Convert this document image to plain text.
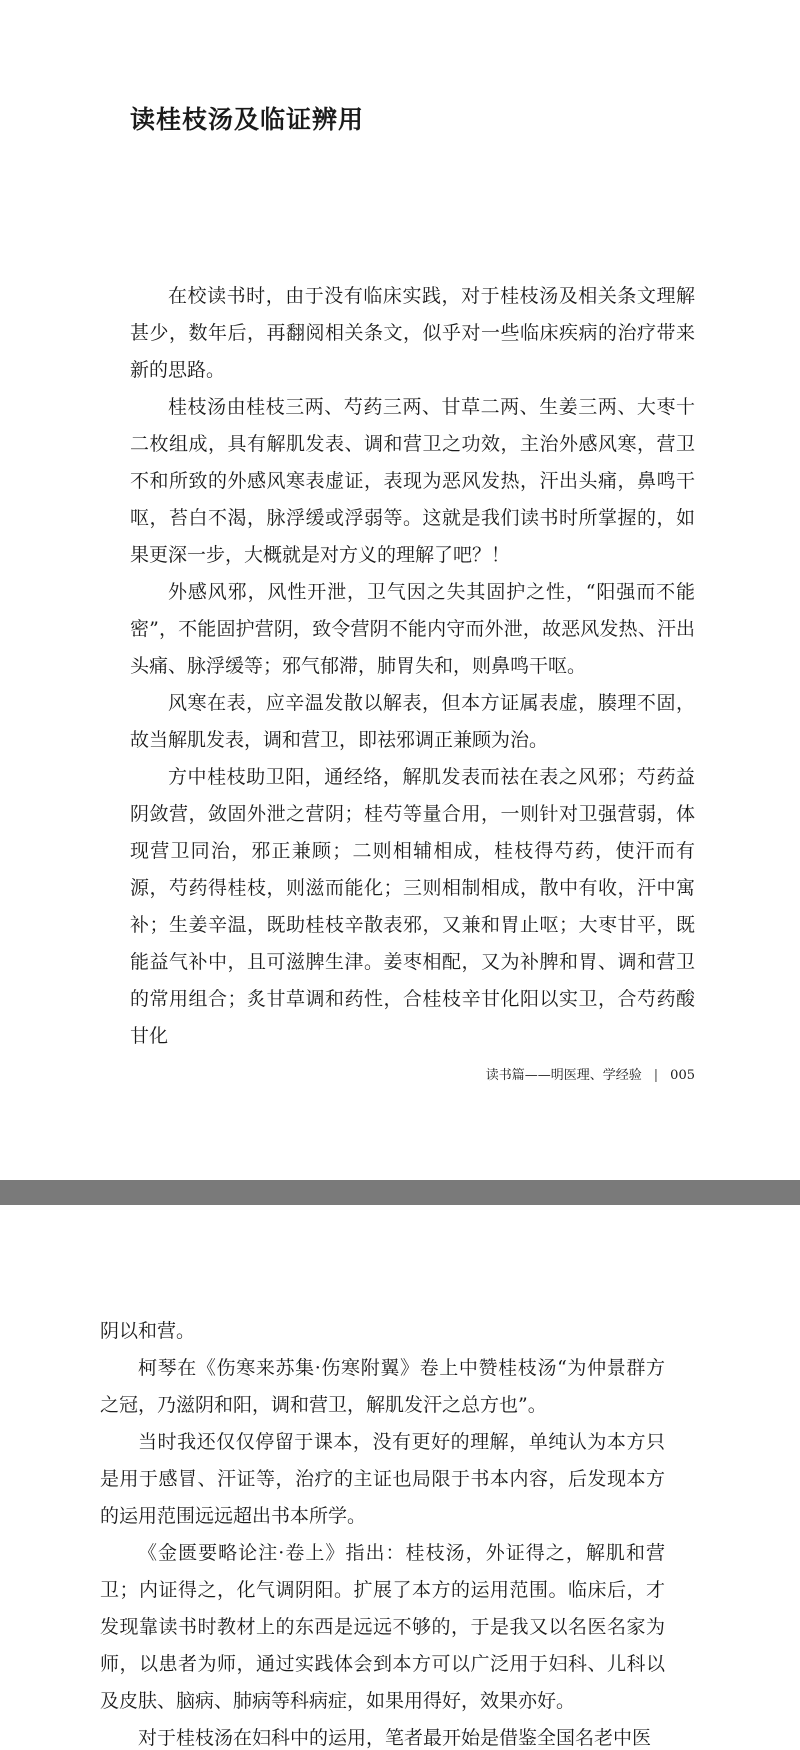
读桂枝汤及临证辨用

在校读书时，由于没有临床实践，对于桂枝汤及相关条文理解甚少，数年后，再翻阅相关条文，似乎对一些临床疾病的治疗带来新的思路。

桂枝汤由桂枝三两、芍药三两、甘草二两、生姜三两、大枣十二枚组成，具有解肌发表、调和营卫之功效，主治外感风寒，营卫不和所致的外感风寒表虚证，表现为恶风发热，汗出头痛，鼻鸣干呕，苔白不渴，脉浮缓或浮弱等。这就是我们读书时所掌握的，如果更深一步，大概就是对方义的理解了吧？！

外感风邪，风性开泄，卫气因之失其固护之性，“阳强而不能密”，不能固护营阴，致令营阴不能内守而外泄，故恶风发热、汗出头痛、脉浮缓等；邪气郁滞，肺胃失和，则鼻鸣干呕。

风寒在表，应辛温发散以解表，但本方证属表虚，腠理不固，故当解肌发表，调和营卫，即祛邪调正兼顾为治。

方中桂枝助卫阳，通经络，解肌发表而祛在表之风邪；芍药益阴敛营，敛固外泄之营阴；桂芍等量合用，一则针对卫强营弱，体现营卫同治，邪正兼顾；二则相辅相成，桂枝得芍药，使汗而有源，芍药得桂枝，则滋而能化；三则相制相成，散中有收，汗中寓补；生姜辛温，既助桂枝辛散表邪，又兼和胃止呕；大枣甘平，既能益气补中，且可滋脾生津。姜枣相配，又为补脾和胃、调和营卫的常用组合；炙甘草调和药性，合桂枝辛甘化阳以实卫，合芍药酸甘化

读书篇——明医理、学经验 | 005

阴以和营。

柯琴在《伤寒来苏集·伤寒附翼》卷上中赞桂枝汤“为仲景群方之冠，乃滋阴和阳，调和营卫，解肌发汗之总方也”。

当时我还仅仅停留于课本，没有更好的理解，单纯认为本方只是用于感冒、汗证等，治疗的主证也局限于书本内容，后发现本方的运用范围远远超出书本所学。

《金匮要略论注·卷上》指出：桂枝汤，外证得之，解肌和营卫；内证得之，化气调阴阳。扩展了本方的运用范围。临床后，才发现靠读书时教材上的东西是远远不够的，于是我又以名医名家为师，以患者为师，通过实践体会到本方可以广泛用于妇科、儿科以及皮肤、脑病、肺病等科病症，如果用得好，效果亦好。

对于桂枝汤在妇科中的运用，笔者最开始是借鉴全国名老中医
